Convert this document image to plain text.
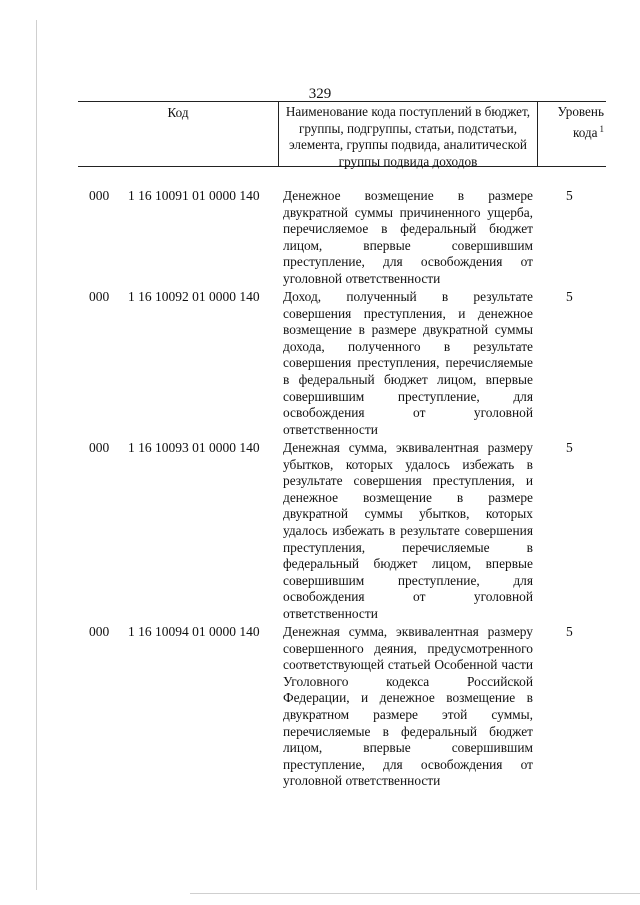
329
Код	Наименование кода поступлений в бюджет, группы, подгруппы, статьи, подстатьи, элемента, группы подвида, аналитической группы подвида доходов
Уровень кода $^1$
000 1 16 10091 01 0000 140 Денежное возмещение в размере двукратной суммы причиненного ущерба, перечисляемое в федеральный бюджет лицом, впервые совершившим преступление, для освобождения от уголовной ответственности
5
000 1 16 10092 01 0000 140 Доход, полученный в результате совершения преступления, и денежное возмещение в размере двукратной суммы дохода, полученного в результате совершения преступления, перечисляемые в федеральный бюджет лицом, впервые совершившим преступление, для освобождения от уголовной ответственности
5
000 1 16 10093 01 0000 140 Денежная сумма, эквивалентная размеру убытков, которых удалось избежать в результате совершения преступления, и денежное возмещение в размере двукратной суммы убытков, которых удалось избежать в результате совершения преступления, перечисляемые в федеральный бюджет лицом, впервые совершившим преступление, для освобождения от уголовной ответственности
5
000 1 16 10094 01 0000 140 Денежная сумма, эквивалентная размеру совершенного деяния, предусмотренного соответствующей статьей Особенной части Уголовного кодекса Российской Федерации, и денежное возмещение в двукратном размере этой суммы, перечисляемые в федеральный бюджет лицом, впервые совершившим преступление, для освобождения от уголовной ответственности
5
